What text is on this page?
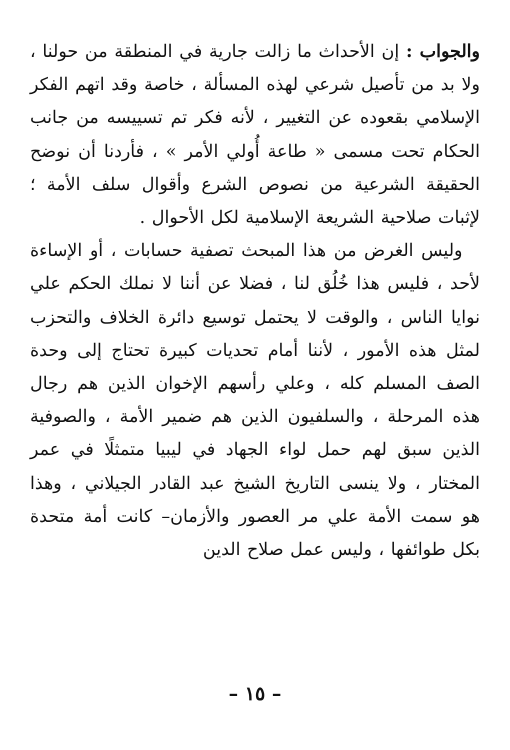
والجواب : إن الأحداث ما زالت جارية في المنطقة من حولنا ، ولا بد من تأصيل شرعي لهذه المسألة ، خاصة وقد اتهم الفكر الإسلامي بقعوده عن التغيير ، لأنه فكر تم تسييسه من جانب الحكام تحت مسمى « طاعة أُولي الأمر » ، فأردنا أن نوضح الحقيقة الشرعية من نصوص الشرع وأقوال سلف الأمة ؛ لإثبات صلاحية الشريعة الإسلامية لكل الأحوال .

 وليس الغرض من هذا المبحث تصفية حسابات ، أو الإساءة لأحد ، فليس هذا خُلُق لنا ، فضلا عن أننا لا نملك الحكم علي نوايا الناس ، والوقت لا يحتمل توسيع دائرة الخلاف والتحزب لمثل هذه الأمور ، لأننا أمام تحديات كبيرة تحتاج إلى وحدة الصف المسلم كله ، وعلي رأسهم الإخوان الذين هم رجال هذه المرحلة ، والسلفيون الذين هم ضمير الأمة ، والصوفية الذين سبق لهم حمل لواء الجهاد في ليبيا متمثلًا في عمر المختار ، ولا ينسى التاريخ الشيخ عبد القادر الجيلاني ، وهذا هو سمت الأمة علي مر العصور والأزمان– كانت أمة متحدة بكل طوائفها ، وليس عمل صلاح الدين

– ١٥ –
